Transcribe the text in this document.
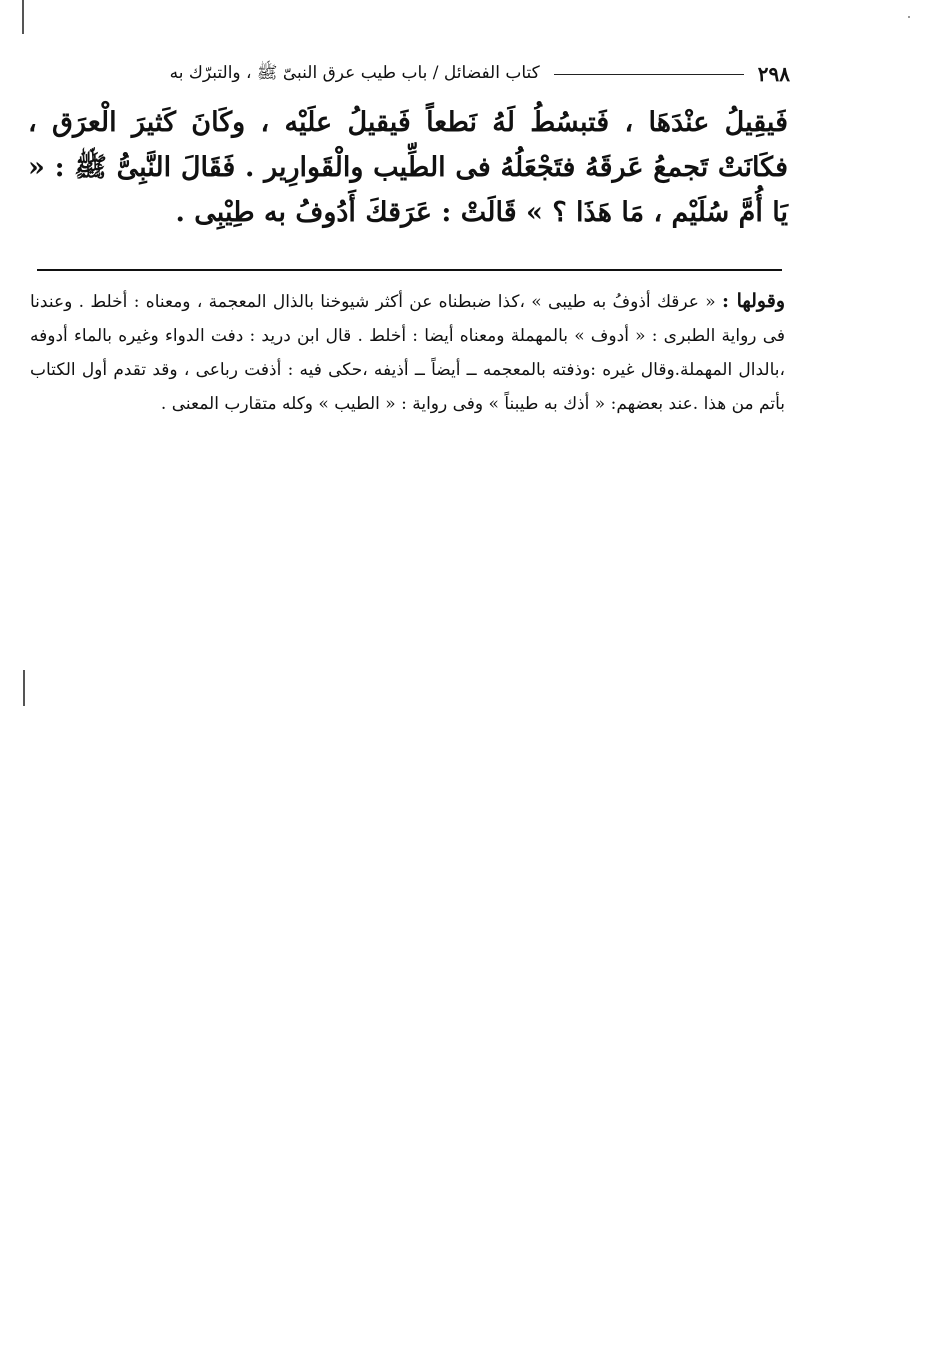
٢٩٨
كتاب الفضائل / باب طيب عرق النبىّ ﷺ ، والتبرّك به

فَيقِيلُ عنْدَهَا ، فَتبسُطُ لَهُ نَطعاً فَيقيلُ علَيْه ، وكَانَ كَثيرَ الْعرَق ، فكَانَتْ تَجمعُ عَرقَهُ فتَجْعَلُهُ فى الطِّيب والْقَوارِير . فَقَالَ النَّبِىُّ ﷺ : « يَا أُمَّ سُلَيْم ، مَا هَذَا ؟ » قَالَتْ : عَرَقكَ أَدُوفُ به طِيْبِى .

وقولها : « عرقك أذوفُ به طيبى » ،كذا ضبطناه عن أكثر شيوخنا بالذال المعجمة ، ومعناه : أخلط . وعندنا فى رواية الطبرى : « أدوف » بالمهملة ومعناه أيضا : أخلط . قال ابن دريد : دفت الدواء وغيره بالماء أدوفه ،بالدال المهملة.وقال غيره :وذفته بالمعجمه ــ أيضاً ــ أذيفه ،حكى فيه : أذفت رباعى ، وقد تقدم أول الكتاب بأتم من هذا .عند بعضهم: « أذك به طيبناً » وفى رواية : « الطيب » وكله متقارب المعنى .
